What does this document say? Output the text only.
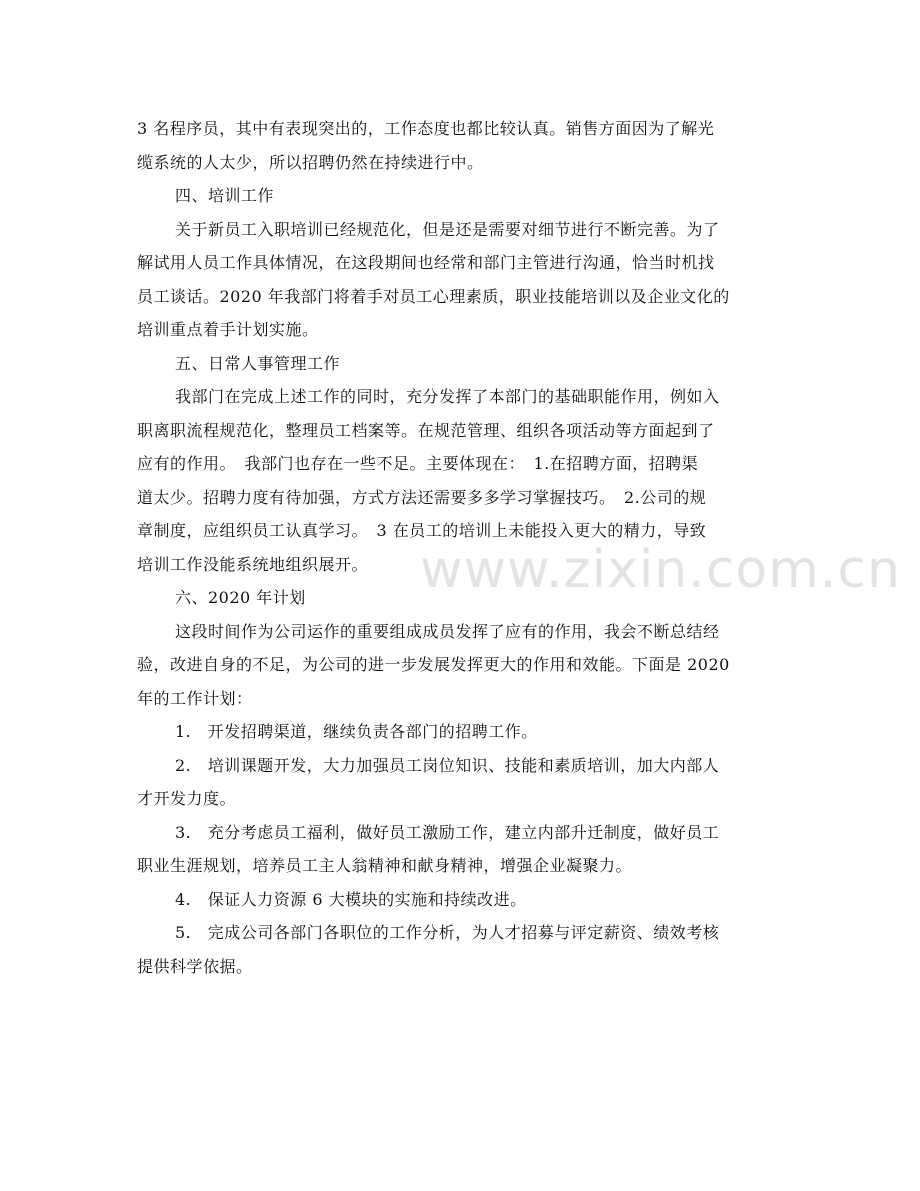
www.zixin.com.cn
3 名程序员，其中有表现突出的，工作态度也都比较认真。销售方面因为了解光
缆系统的人太少，所以招聘仍然在持续进行中。
四、培训工作
关于新员工入职培训已经规范化，但是还是需要对细节进行不断完善。为了
解试用人员工作具体情况，在这段期间也经常和部门主管进行沟通，恰当时机找
员工谈话。2020 年我部门将着手对员工心理素质，职业技能培训以及企业文化的
培训重点着手计划实施。
五、日常人事管理工作
我部门在完成上述工作的同时，充分发挥了本部门的基础职能作用，例如入
职离职流程规范化，整理员工档案等。在规范管理、组织各项活动等方面起到了
应有的作用。　我部门也存在一些不足。主要体现在：　1.在招聘方面，招聘渠
道太少。招聘力度有待加强，方式方法还需要多多学习掌握技巧。　2.公司的规
章制度，应组织员工认真学习。　3 在员工的培训上未能投入更大的精力，导致
培训工作没能系统地组织展开。
六、2020 年计划
这段时间作为公司运作的重要组成成员发挥了应有的作用，我会不断总结经
验，改进自身的不足，为公司的进一步发展发挥更大的作用和效能。下面是 2020
年的工作计划：
1.　开发招聘渠道，继续负责各部门的招聘工作。
2.　培训课题开发，大力加强员工岗位知识、技能和素质培训，加大内部人
才开发力度。
3.　充分考虑员工福利，做好员工激励工作，建立内部升迁制度，做好员工
职业生涯规划，培养员工主人翁精神和献身精神，增强企业凝聚力。
4.　保证人力资源 6 大模块的实施和持续改进。
5.　完成公司各部门各职位的工作分析，为人才招募与评定薪资、绩效考核
提供科学依据。
